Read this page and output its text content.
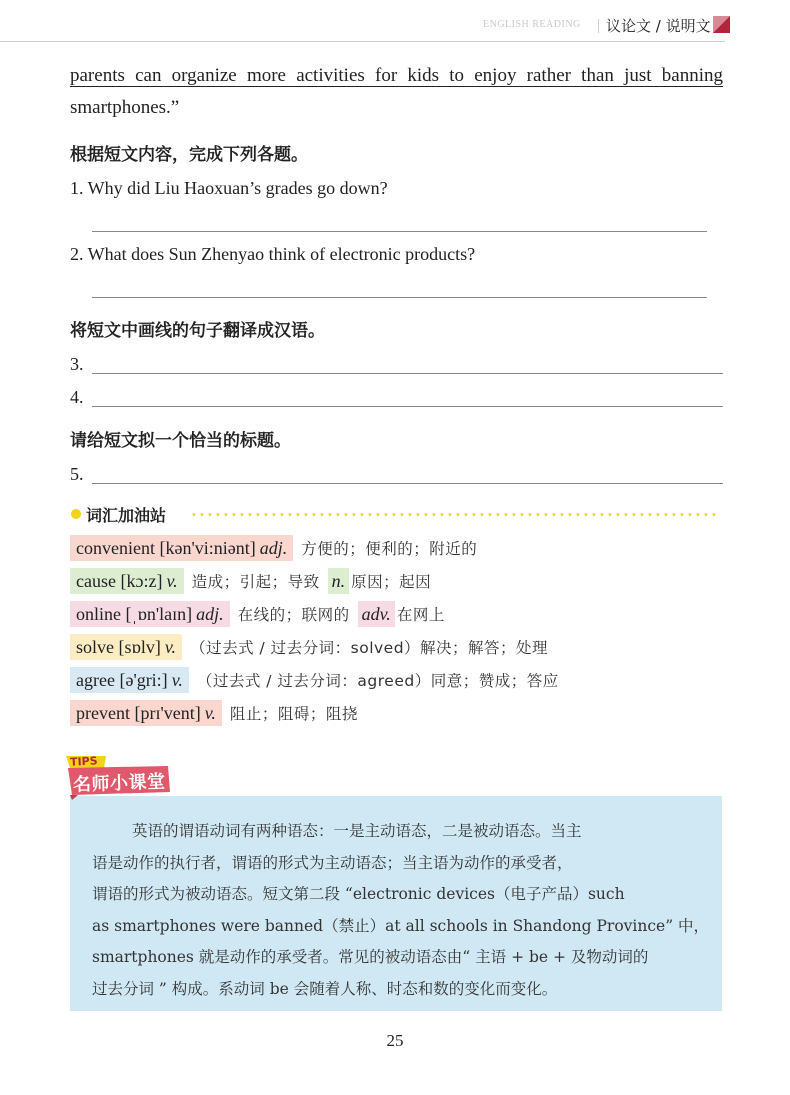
ENGLISH READING 议论文 / 说明文
parents can organize more activities for kids to enjoy rather than just banning
smartphones.”
根据短文内容，完成下列各题。
1. Why did Liu Haoxuan’s grades go down?
2. What does Sun Zhenyao think of electronic products?
将短文中画线的句子翻译成汉语。
3.
4.
请给短文拟一个恰当的标题。
5.
词汇加油站
convenient [kən'vi:niənt] adj. 方便的；便利的；附近的
cause [kɔ:z] v. 造成；引起；导致 n. 原因；起因
online [ˌɒn'laɪn] adj. 在线的；联网的 adv. 在网上
solve [sɒlv] v. （过去式 / 过去分词：solved）解决；解答；处理
agree [ə'gri:] v. （过去式 / 过去分词：agreed）同意；赞成；答应
prevent [prɪ'vent] v. 阻止；阻碍；阻挠
TIPS
名师小课堂

英语的谓语动词有两种语态：一是主动语态，二是被动语态。当主

语是动作的执行者，谓语的形式为主动语态；当主语为动作的承受者，

谓语的形式为被动语态。短文第二段 “electronic devices（电子产品）such

as smartphones were banned（禁止）at all schools in Shandong Province” 中，

smartphones 就是动作的承受者。常见的被动语态由“ 主语 + be + 及物动词的

过去分词 ” 构成。系动词 be 会随着人称、时态和数的变化而变化。

25
